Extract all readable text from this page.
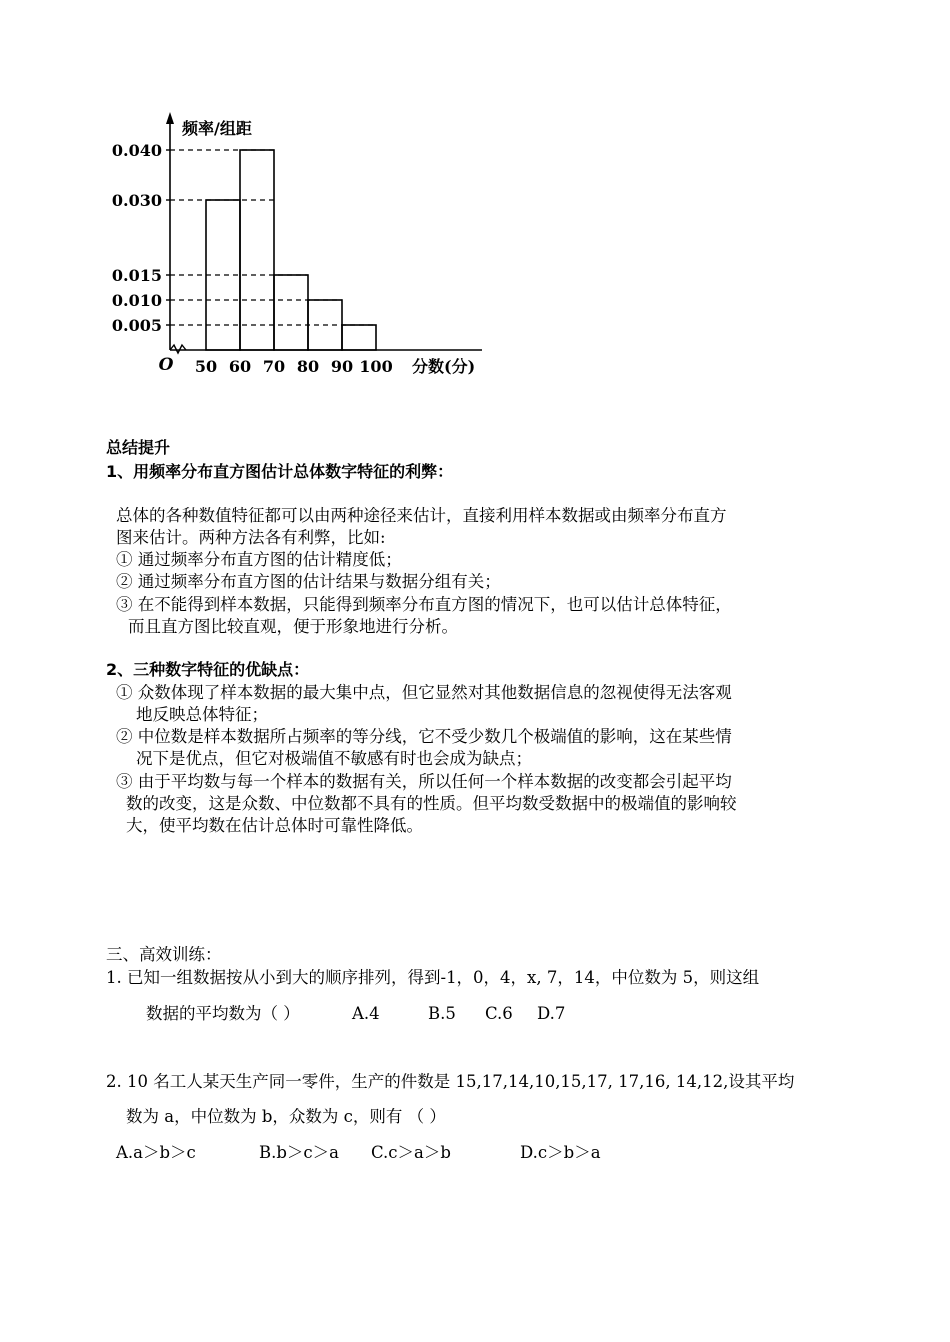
0.040
0.030
0.015
0.010
0.005
50 60 70 80 90 100
O
频率/组距
分数(分)
总结提升
1、用频率分布直方图估计总体数字特征的利弊：
总体的各种数值特征都可以由两种途径来估计，直接利用样本数据或由频率分布直方
图来估计。两种方法各有利弊，比如:
① 通过频率分布直方图的估计精度低；
② 通过频率分布直方图的估计结果与数据分组有关；
③ 在不能得到样本数据，只能得到频率分布直方图的情况下，也可以估计总体特征，
而且直方图比较直观，便于形象地进行分析。
2、三种数字特征的优缺点：
① 众数体现了样本数据的最大集中点，但它显然对其他数据信息的忽视使得无法客观
地反映总体特征；
② 中位数是样本数据所占频率的等分线，它不受少数几个极端值的影响，这在某些情
况下是优点，但它对极端值不敏感有时也会成为缺点；
③ 由于平均数与每一个样本的数据有关，所以任何一个样本数据的改变都会引起平均
数的改变，这是众数、中位数都不具有的性质。但平均数受数据中的极端值的影响较
大，使平均数在估计总体时可靠性降低。
三、高效训练：
1. 已知一组数据按从小到大的顺序排列，得到-1，0，4，x, 7，14，中位数为 5，则这组
数据的平均数为（ ）	A.4	B.5 C.6 D.7
2. 10 名工人某天生产同一零件，生产的件数是 15,17,14,10,15,17, 17,16, 14,12,设其平均
数为 a，中位数为 b，众数为 c，则有 （ ）
A.a＞b＞c	B.b＞c＞a C.c＞a＞b	D.c＞b＞a
